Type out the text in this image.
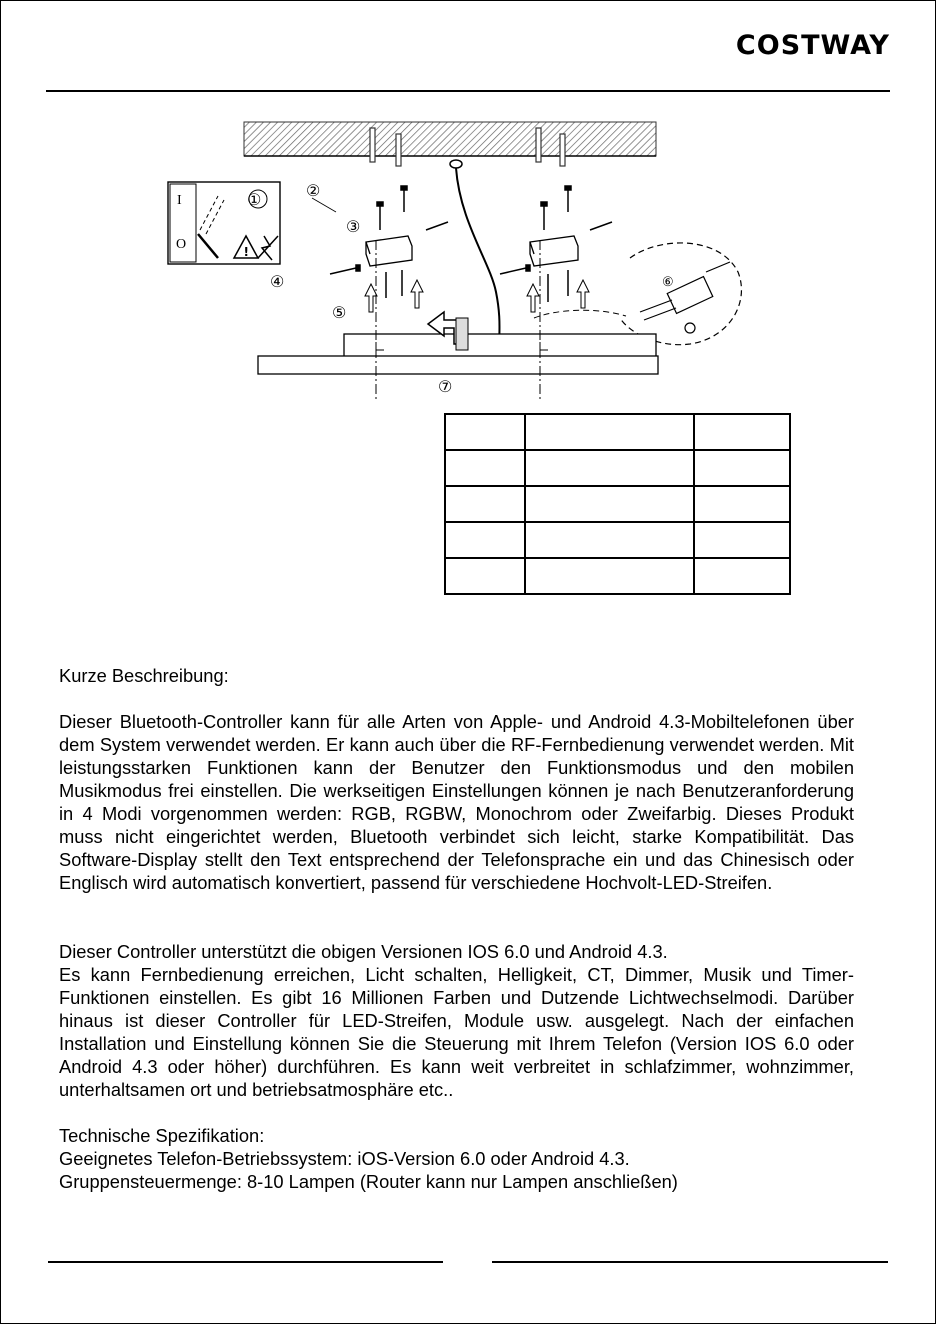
COSTWAY
I
O	!
①	②
③
④
⑤
⑥
⑦

Kurze Beschreibung:

Dieser Bluetooth-Controller kann für alle Arten von Apple- und Android 4.3-Mobiltelefonen über dem System verwendet werden. Er kann auch über die RF-Fernbedienung verwendet werden. Mit leistungsstarken Funktionen kann der Benutzer den Funktionsmodus und den mobilen Musikmodus frei einstellen. Die werkseitigen Einstellungen können je nach Benutzeranforderung in 4 Modi vorgenommen werden: RGB, RGBW, Monochrom oder Zweifarbig. Dieses Produkt muss nicht eingerichtet werden, Bluetooth verbindet sich leicht, starke Kompatibilität. Das Software-Display stellt den Text entsprechend der Telefonsprache ein und das Chinesisch oder Englisch wird automatisch konvertiert, passend für verschiedene Hochvolt-LED-Streifen.

Dieser Controller unterstützt die obigen Versionen IOS 6.0 und Android 4.3.

Es kann Fernbedienung erreichen, Licht schalten, Helligkeit, CT, Dimmer, Musik und Timer-Funktionen einstellen. Es gibt 16 Millionen Farben und Dutzende Lichtwechselmodi. Darüber hinaus ist dieser Controller für LED-Streifen, Module usw. ausgelegt. Nach der einfachen Installation und Einstellung können Sie die Steuerung mit Ihrem Telefon (Version IOS 6.0 oder Android 4.3 oder höher) durchführen. Es kann weit verbreitet in schlafzimmer, wohnzimmer, unterhaltsamen ort und betriebsatmosphäre etc..

Technische Spezifikation:

Geeignetes Telefon-Betriebssystem: iOS-Version 6.0 oder Android 4.3.

Gruppensteuermenge: 8-10 Lampen (Router kann nur Lampen anschließen)
